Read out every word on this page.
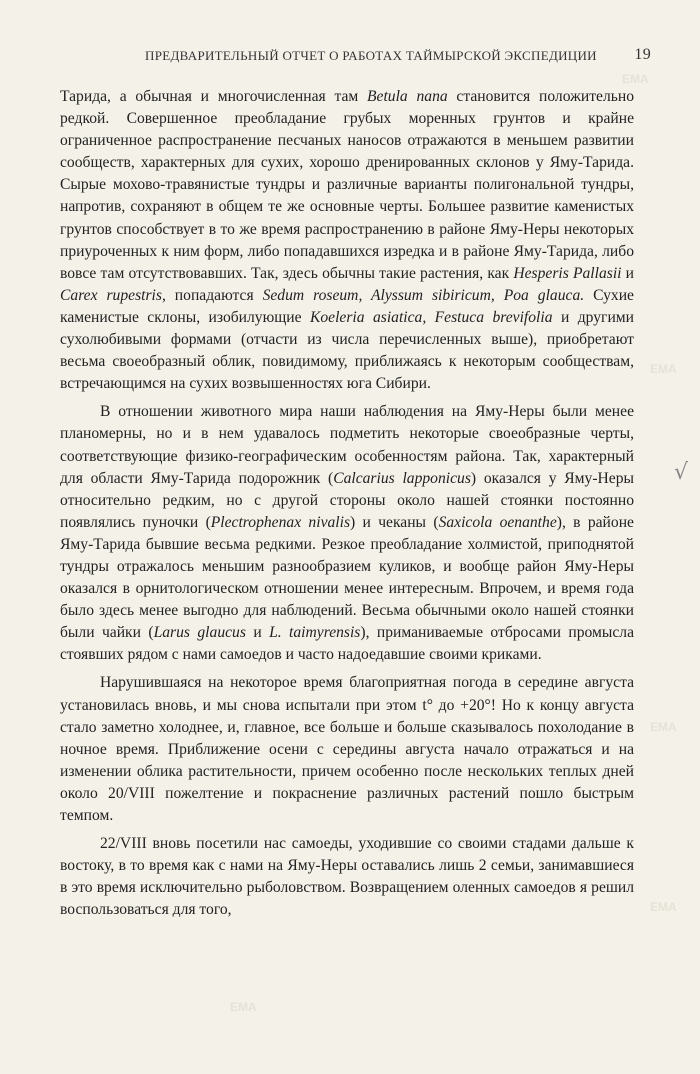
ПРЕДВАРИТЕЛЬНЫЙ ОТЧЕТ О РАБОТАХ ТАЙМЫРСКОЙ ЭКСПЕДИЦИИ 19

Тарида, а обычная и многочисленная там Betula nana становится положительно редкой. Совершенное преобладание грубых моренных грунтов и крайне ограниченное распространение песчаных наносов отражаются в меньшем развитии сообществ, характерных для сухих, хорошо дренированных склонов у Яму-Тарида. Сырые мохово-травянистые тундры и различные варианты полигональной тундры, напротив, сохраняют в общем те же основные черты. Большее развитие каменистых грунтов способствует в то же время распространению в районе Яму-Неры некоторых приуроченных к ним форм, либо попадавшихся изредка и в районе Яму-Тарида, либо вовсе там отсутствовавших. Так, здесь обычны такие растения, как Hesperis Pallasii и Carex rupestris, попадаются Sedum roseum, Alyssum sibiricum, Poa glauca. Сухие каменистые склоны, изобилующие Koeleria asiatica, Festuca brevifolia и другими сухолюбивыми формами (отчасти из числа перечисленных выше), приобретают весьма своеобразный облик, повидимому, приближаясь к некоторым сообществам, встречающимся на сухих возвышенностях юга Сибири.

В отношении животного мира наши наблюдения на Яму-Неры были менее планомерны, но и в нем удавалось подметить некоторые своеобразные черты, соответствующие физико-географическим особенностям района. Так, характерный для области Яму-Тарида подорожник (Calcarius lapponicus) оказался у Яму-Неры относительно редким, но с другой стороны около нашей стоянки постоянно появлялись пуночки (Plectrophenax nivalis) и чеканы (Saxicola oenanthe), в районе Яму-Тарида бывшие весьма редкими. Резкое преобладание холмистой, приподнятой тундры отражалось меньшим разнообразием куликов, и вообще район Яму-Неры оказался в орнитологическом отношении менее интересным. Впрочем, и время года было здесь менее выгодно для наблюдений. Весьма обычными около нашей стоянки были чайки (Larus glaucus и L. taimyrensis), приманиваемые отбросами промысла стоявших рядом с нами самоедов и часто надоедавшие своими криками.

Нарушившаяся на некоторое время благоприятная погода в середине августа установилась вновь, и мы снова испытали при этом t° до +20°! Но к концу августа стало заметно холоднее, и, главное, все больше и больше сказывалось похолодание в ночное время. Приближение осени с середины августа начало отражаться и на изменении облика растительности, причем особенно после нескольких теплых дней около 20/VIII пожелтение и покраснение различных растений пошло быстрым темпом.

22/VIII вновь посетили нас самоеды, уходившие со своими стадами дальше к востоку, в то время как с нами на Яму-Неры оставались лишь 2 семьи, занимавшиеся в это время исключительно рыболовством. Возвращением оленных самоедов я решил воспользоваться для того,

√
EMA
EMA
EMA
EMA
EMA
